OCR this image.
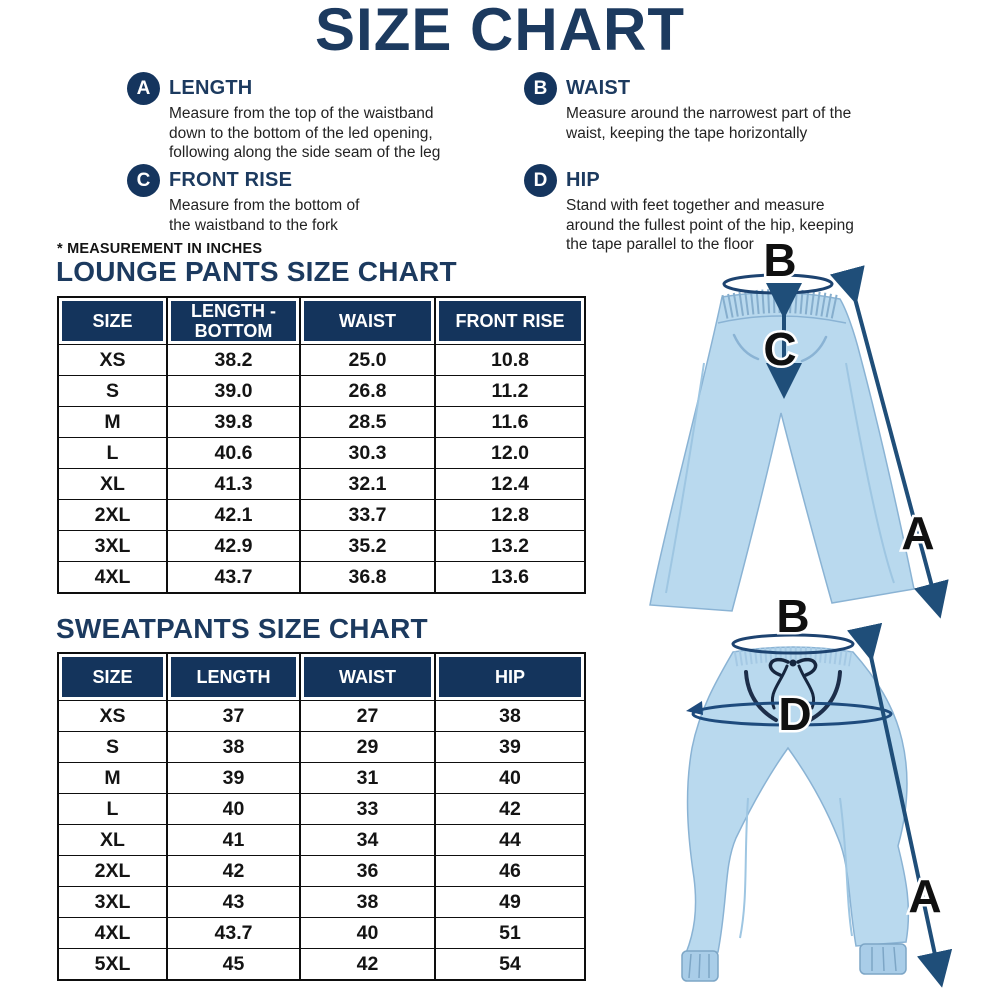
SIZE CHART
A LENGTH
Measure from the top of the waistband down to the bottom of the led opening, following along the side seam of the leg
B WAIST
Measure around the narrowest part of the waist, keeping the tape horizontally
C FRONT RISE
Measure from the bottom of the waistband to the fork
D HIP
Stand with feet together and measure around the fullest point of the hip, keeping the tape parallel to the floor
* MEASUREMENT IN INCHES
LOUNGE PANTS SIZE CHART
SIZE	LENGTH - BOTTOM	WAIST	FRONT RISE

XS	38.2	25.0	10.8
S	39.0	26.8	11.2
M	39.8	28.5	11.6
L	40.6	30.3	12.0
XL	41.3	32.1	12.4
2XL	42.1	33.7	12.8
3XL	42.9	35.2	13.2
4XL	43.7	36.8	13.6
SWEATPANTS SIZE CHART
SIZE	LENGTH	WAIST	HIP

XS	37	27	38
S	38	29	39
M	39	31	40
L	40	33	42
XL	41	34	44
2XL	42	36	46
3XL	43	38	49
4XL	43.7	40	51
5XL	45	42	54
B
C
A
B
D
A
